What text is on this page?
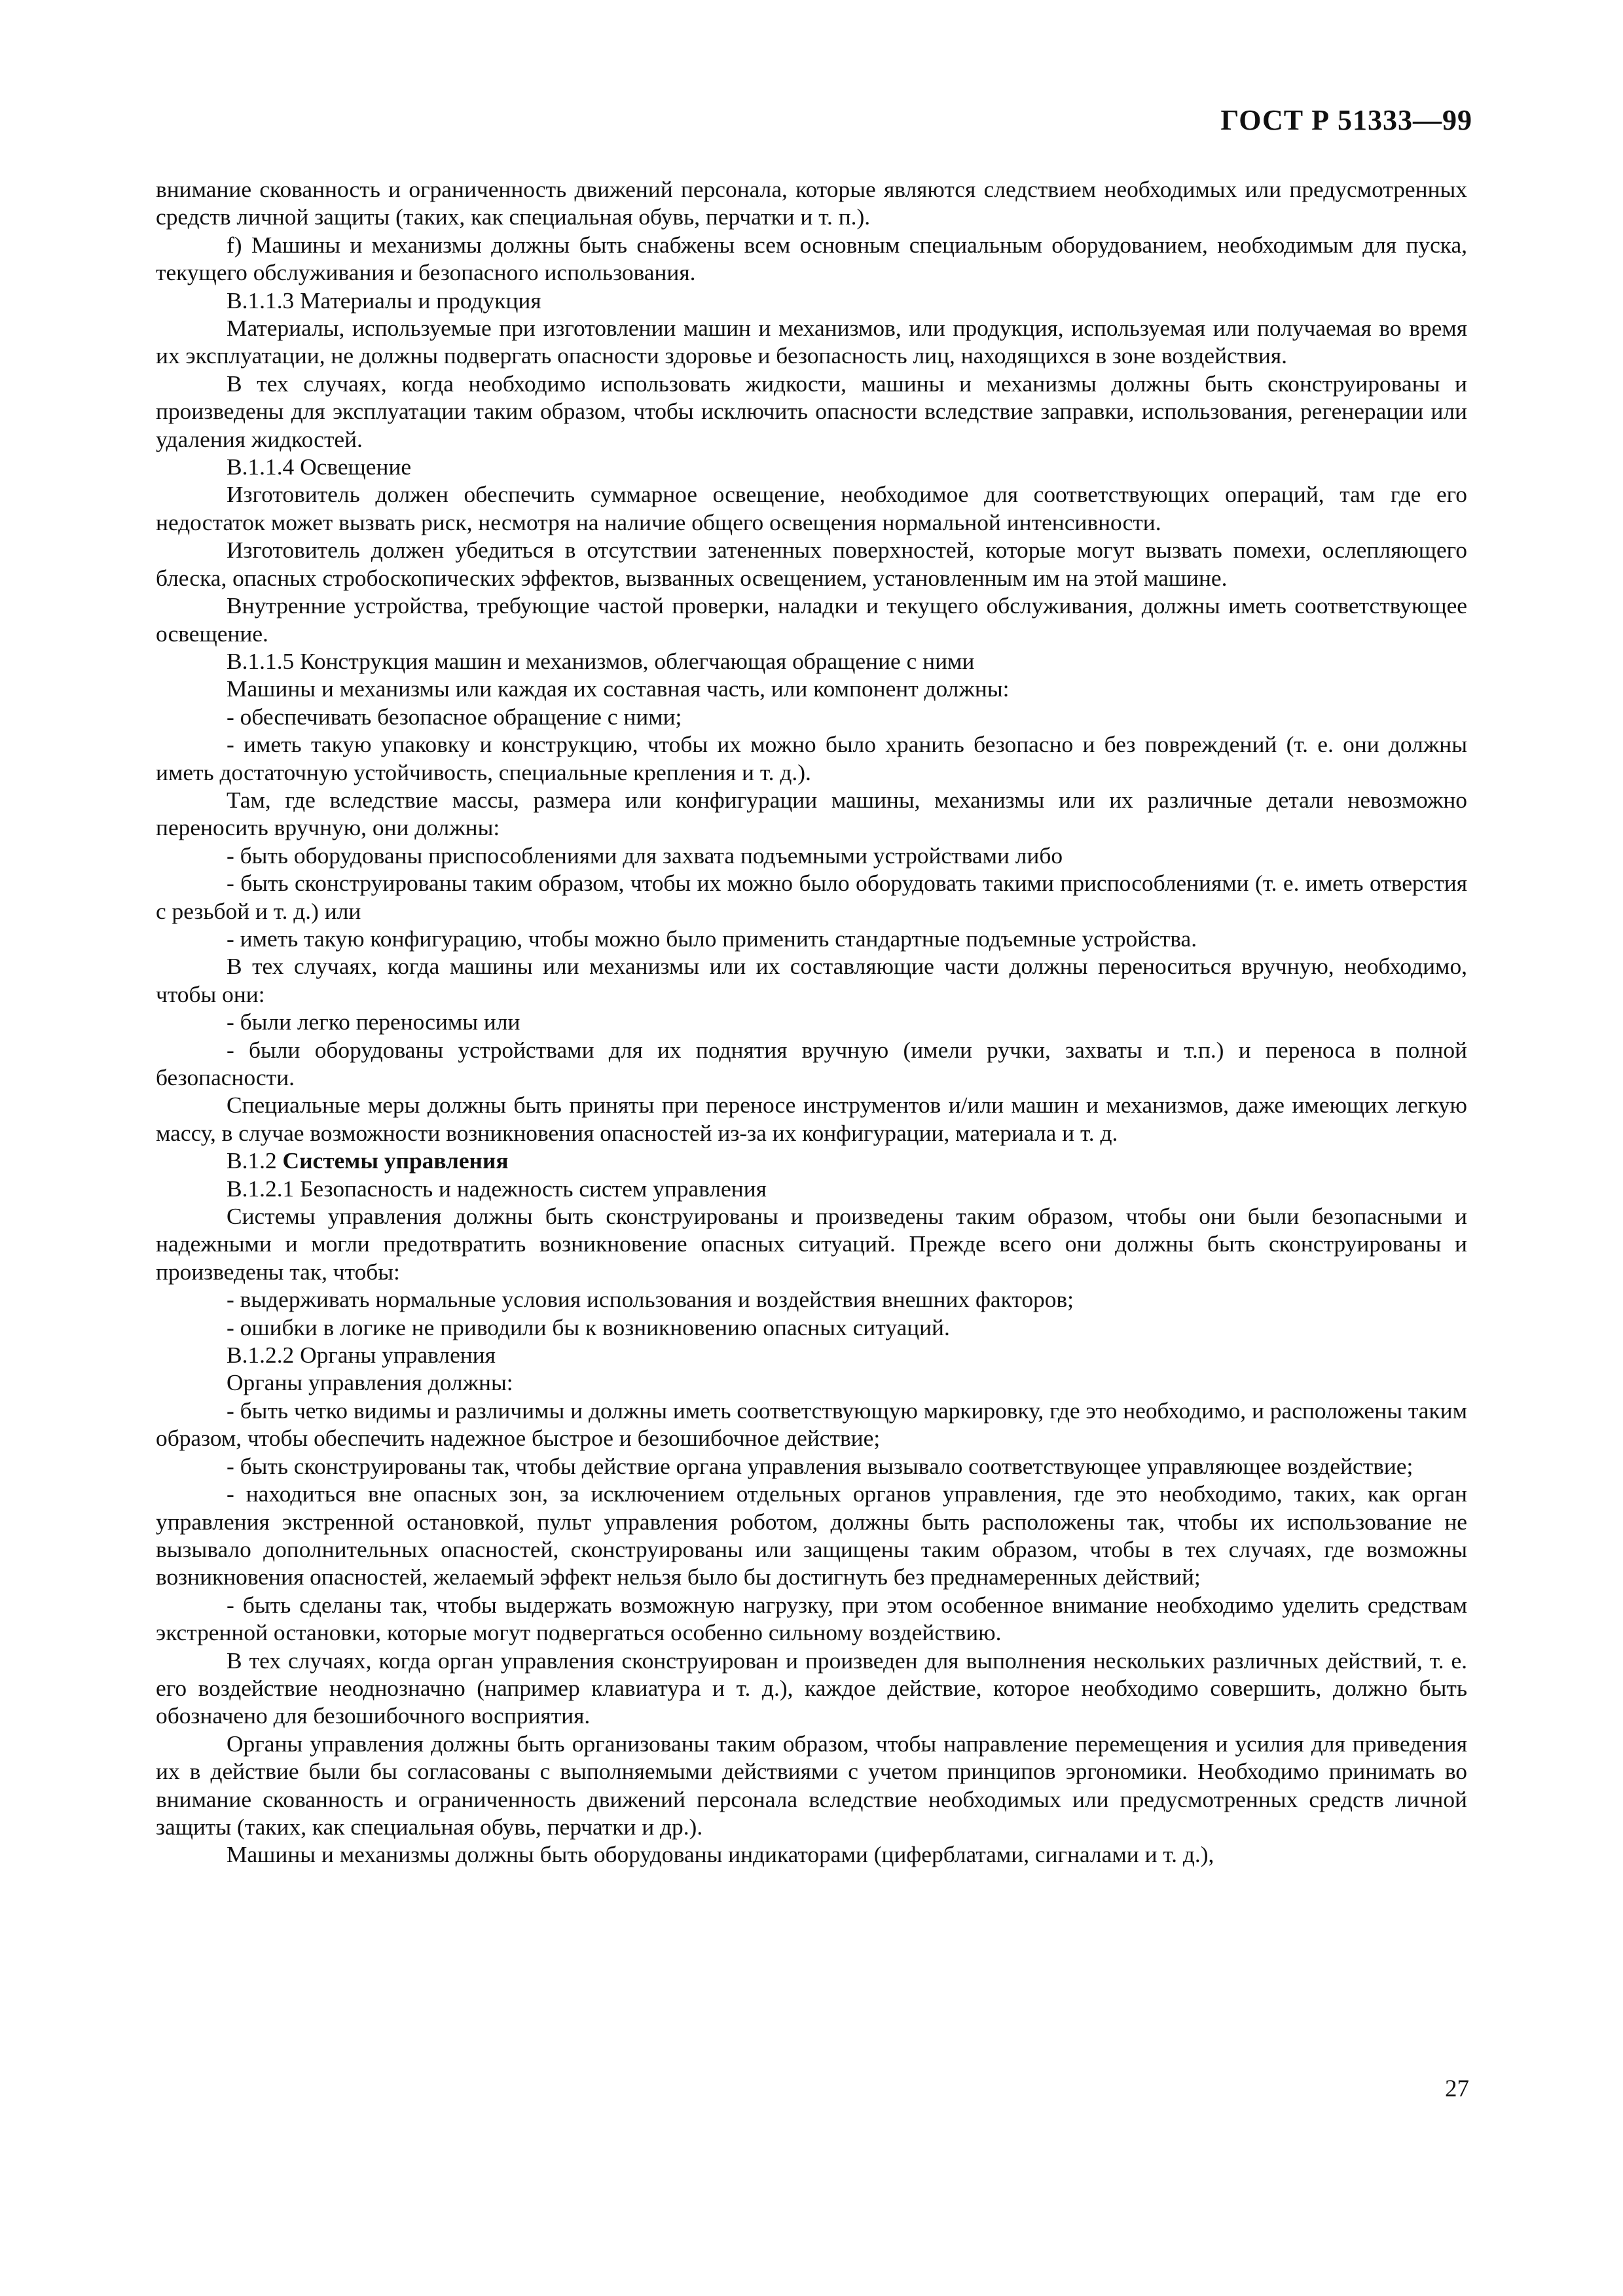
ГОСТ Р 51333—99

внимание скованность и ограниченность движений персонала, которые являются следствием необходимых или предусмотренных средств личной защиты (таких, как специальная обувь, перчатки и т. п.).

f) Машины и механизмы должны быть снабжены всем основным специальным оборудованием, необходимым для пуска, текущего обслуживания и безопасного использования.

B.1.1.3 Материалы и продукция

Материалы, используемые при изготовлении машин и механизмов, или продукция, используемая или получаемая во время их эксплуатации, не должны подвергать опасности здоровье и безопасность лиц, находящихся в зоне воздействия.

В тех случаях, когда необходимо использовать жидкости, машины и механизмы должны быть сконструированы и произведены для эксплуатации таким образом, чтобы исключить опасности вследствие заправки, использования, регенерации или удаления жидкостей.

B.1.1.4 Освещение

Изготовитель должен обеспечить суммарное освещение, необходимое для соответствующих операций, там где его недостаток может вызвать риск, несмотря на наличие общего освещения нормальной интенсивности.

Изготовитель должен убедиться в отсутствии затененных поверхностей, которые могут вызвать помехи, ослепляющего блеска, опасных стробоскопических эффектов, вызванных освещением, установленным им на этой машине.

Внутренние устройства, требующие частой проверки, наладки и текущего обслуживания, должны иметь соответствующее освещение.

B.1.1.5 Конструкция машин и механизмов, облегчающая обращение с ними

Машины и механизмы или каждая их составная часть, или компонент должны:

- обеспечивать безопасное обращение с ними;

- иметь такую упаковку и конструкцию, чтобы их можно было хранить безопасно и без повреждений (т. е. они должны иметь достаточную устойчивость, специальные крепления и т. д.).

Там, где вследствие массы, размера или конфигурации машины, механизмы или их различные детали невозможно переносить вручную, они должны:

- быть оборудованы приспособлениями для захвата подъемными устройствами либо

- быть сконструированы таким образом, чтобы их можно было оборудовать такими приспособлениями (т. е. иметь отверстия с резьбой и т. д.) или

- иметь такую конфигурацию, чтобы можно было применить стандартные подъемные устройства.

В тех случаях, когда машины или механизмы или их составляющие части должны переноситься вручную, необходимо, чтобы они:

- были легко переносимы или

- были оборудованы устройствами для их поднятия вручную (имели ручки, захваты и т.п.) и переноса в полной безопасности.

Специальные меры должны быть приняты при переносе инструментов и/или машин и механизмов, даже имеющих легкую массу, в случае возможности возникновения опасностей из-за их конфигурации, материала и т. д.

B.1.2 Системы управления

B.1.2.1 Безопасность и надежность систем управления

Системы управления должны быть сконструированы и произведены таким образом, чтобы они были безопасными и надежными и могли предотвратить возникновение опасных ситуаций. Прежде всего они должны быть сконструированы и произведены так, чтобы:

- выдерживать нормальные условия использования и воздействия внешних факторов;

- ошибки в логике не приводили бы к возникновению опасных ситуаций.

B.1.2.2 Органы управления

Органы управления должны:

- быть четко видимы и различимы и должны иметь соответствующую маркировку, где это необходимо, и расположены таким образом, чтобы обеспечить надежное быстрое и безошибочное действие;

- быть сконструированы так, чтобы действие органа управления вызывало соответствующее управляющее воздействие;

- находиться вне опасных зон, за исключением отдельных органов управления, где это необходимо, таких, как орган управления экстренной остановкой, пульт управления роботом, должны быть расположены так, чтобы их использование не вызывало дополнительных опасностей, сконструированы или защищены таким образом, чтобы в тех случаях, где возможны возникновения опасностей, желаемый эффект нельзя было бы достигнуть без преднамеренных действий;

- быть сделаны так, чтобы выдержать возможную нагрузку, при этом особенное внимание необходимо уделить средствам экстренной остановки, которые могут подвергаться особенно сильному воздействию.

В тех случаях, когда орган управления сконструирован и произведен для выполнения нескольких различных действий, т. е. его воздействие неоднозначно (например клавиатура и т. д.), каждое действие, которое необходимо совершить, должно быть обозначено для безошибочного восприятия.

Органы управления должны быть организованы таким образом, чтобы направление перемещения и усилия для приведения их в действие были бы согласованы с выполняемыми действиями с учетом принципов эргономики. Необходимо принимать во внимание скованность и ограниченность движений персонала вследствие необходимых или предусмотренных средств личной защиты (таких, как специальная обувь, перчатки и др.).

Машины и механизмы должны быть оборудованы индикаторами (циферблатами, сигналами и т. д.),

27
